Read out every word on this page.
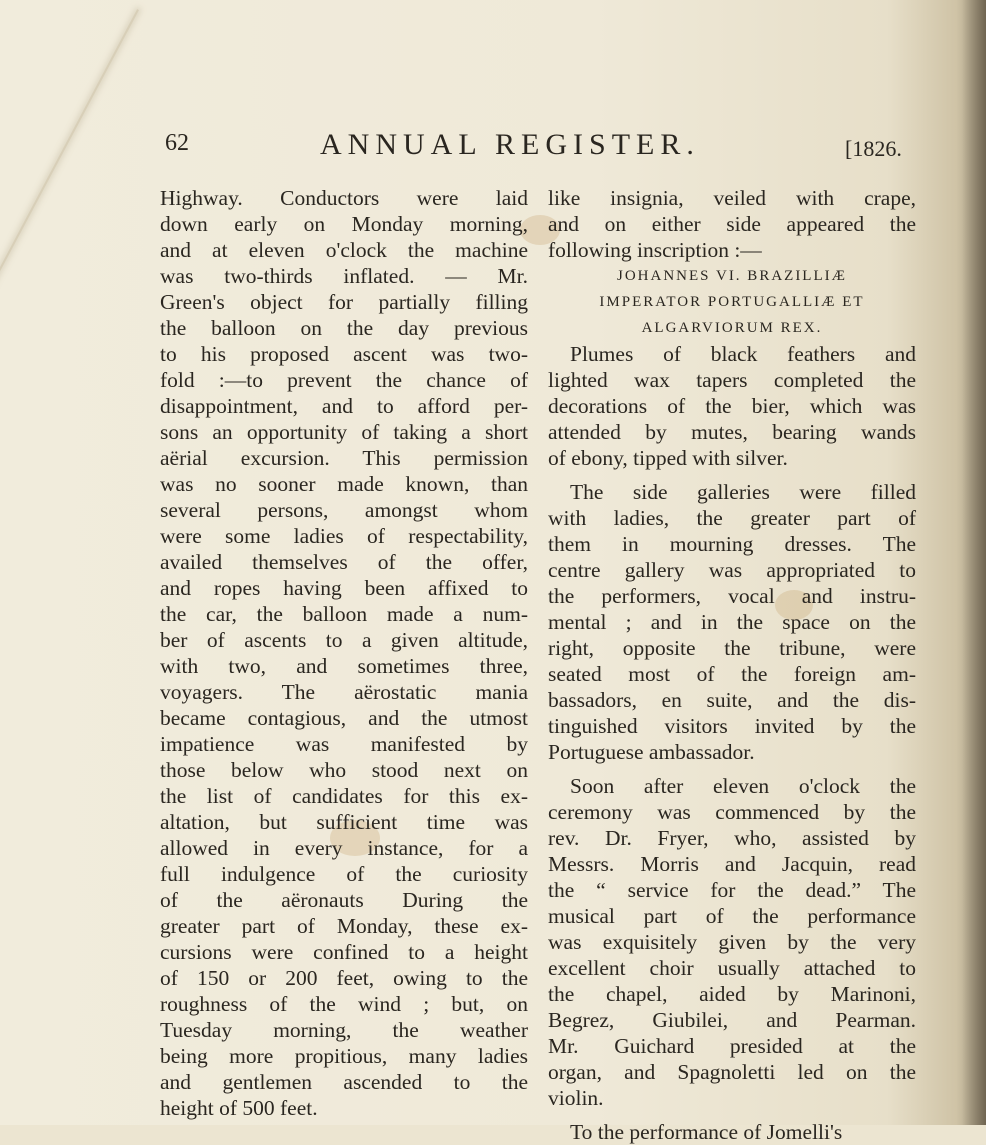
62	ANNUAL REGISTER.	[1826.
Highway. Conductors were laid
down early on Monday morning,
and at eleven o'clock the machine
was two-thirds inflated. — Mr.
Green's object for partially filling
the balloon on the day previous
to his proposed ascent was two-
fold :—to prevent the chance of
disappointment, and to afford per-
sons an opportunity of taking a short
aërial excursion. This permission
was no sooner made known, than
several persons, amongst whom
were some ladies of respectability,
availed themselves of the offer,
and ropes having been affixed to
the car, the balloon made a num-
ber of ascents to a given altitude,
with two, and sometimes three,
voyagers. The aërostatic mania
became contagious, and the utmost
impatience was manifested by
those below who stood next on
the list of candidates for this ex-
altation, but sufficient time was
allowed in every instance, for a
full indulgence of the curiosity
of the aëronauts During the
greater part of Monday, these ex-
cursions were confined to a height
of 150 or 200 feet, owing to the
roughness of the wind ; but, on
Tuesday morning, the weather
being more propitious, many ladies
and gentlemen ascended to the
height of 500 feet.
like insignia, veiled with crape,
and on either side appeared the
following inscription :—
JOHANNES VI. BRAZILLIÆ
IMPERATOR PORTUGALLIÆ ET
ALGARVIORUM REX.
Plumes of black feathers and
lighted wax tapers completed the
decorations of the bier, which was
attended by mutes, bearing wands
of ebony, tipped with silver.
The side galleries were filled
with ladies, the greater part of
them in mourning dresses. The
centre gallery was appropriated to
the performers, vocal and instru-
mental ; and in the space on the
right, opposite the tribune, were
seated most of the foreign am-
bassadors, en suite, and the dis-
tinguished visitors invited by the
Portuguese ambassador.
Soon after eleven o'clock the
ceremony was commenced by the
rev. Dr. Fryer, who, assisted by
Messrs. Morris and Jacquin, read
the “ service for the dead.” The
musical part of the performance
was exquisitely given by the very
excellent choir usually attached to
the chapel, aided by Marinoni,
Begrez, Giubilei, and Pearman.
Mr. Guichard presided at the
organ, and Spagnoletti led on the
violin.
To the performance of Jomelli's
